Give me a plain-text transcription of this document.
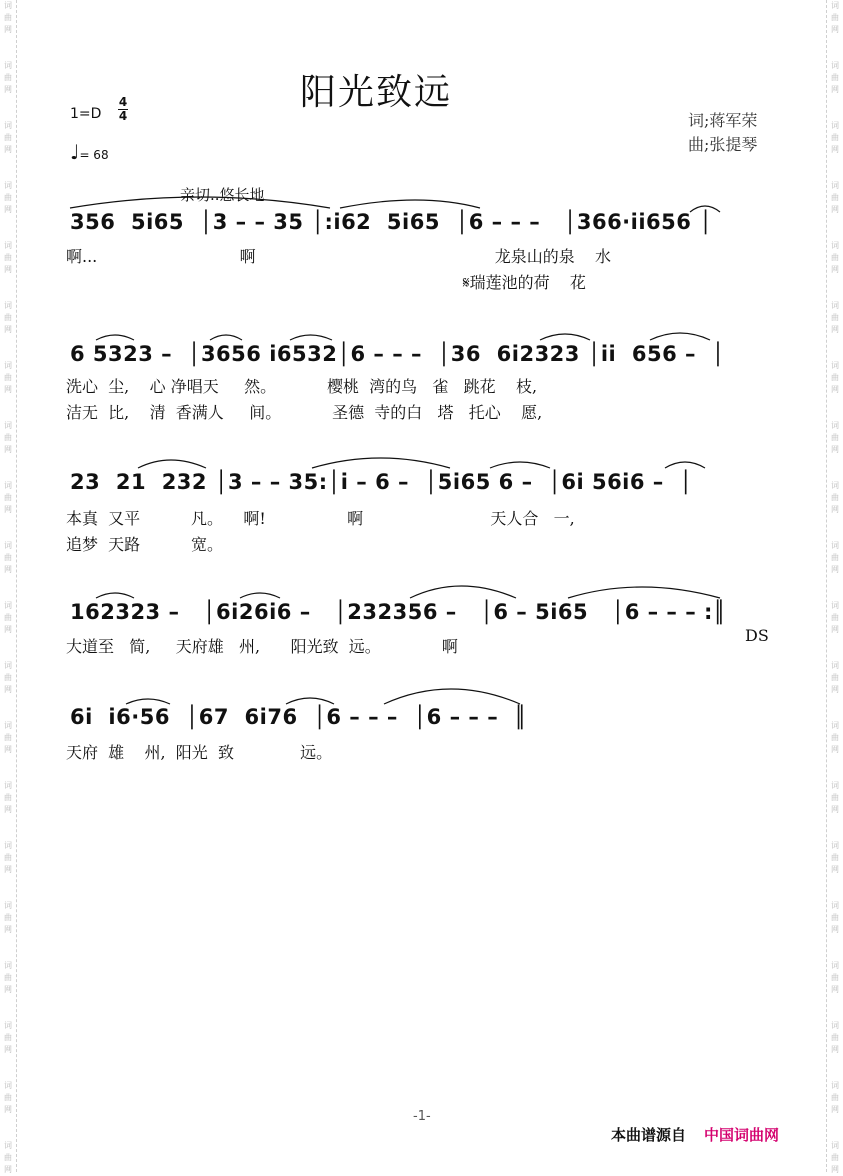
词
曲
网
词
曲
网
词
曲
网
词
曲
网
词
曲
网
词
曲
网
词
曲
网
词
曲
网
词
曲
网
词
曲
网
词
曲
网
词
曲
网
词
曲
网
词
曲
网
词
曲
网
词
曲
网
词
曲
网
词
曲
网
词
曲
网
词
曲
网
词
曲
网
词
曲
网
词
曲
网
词
曲
网
词
曲
网
词
曲
网
词
曲
网
词
曲
网
词
曲
网
词
曲
网
词
曲
网
词
曲
网
词
曲
网
词
曲
网
词
曲
网
词
曲
网
词
曲
网
词
曲
网
词
曲
网
词
曲
网
阳光致远
1=D
4
4
♩= 68
词;蒋军荣
曲;张提琴
亲切..悠长地
356  5i65  │3 – – 35 │:i62  5i65  │6 – – –   │366·ii656 │
啊...                            啊                                               龙泉山的泉    水
𝄋瑞莲池的荷    花
6 5323 –  │3656 i6532│6 – – –  │36  6i2323 │ii  656 –  │
洗心  尘,    心 净唱天     然。          樱桃  湾的鸟   雀   跳花    枝,
洁无  比,    清  香满人     间。          圣德  寺的白   塔   托心    愿,
23  21  232 │3 – – 35:│i – 6 –  │5i65 6 –  │6i 56i6 –  │
本真  又平          凡。    啊!                啊                         天人合   一,
追梦  天路          宽。
162323 –   │6i26i6 –   │232356 –   │6 – 5i65   │6 – – – :║
大道至   简,     天府雄   州,      阳光致  远。            啊
DS
6i  i6·56  │67  6i76  │6 – – –  │6 – – –  ║
天府  雄    州,  阳光  致             远。
-1-
本曲谱源自 中国词曲网
